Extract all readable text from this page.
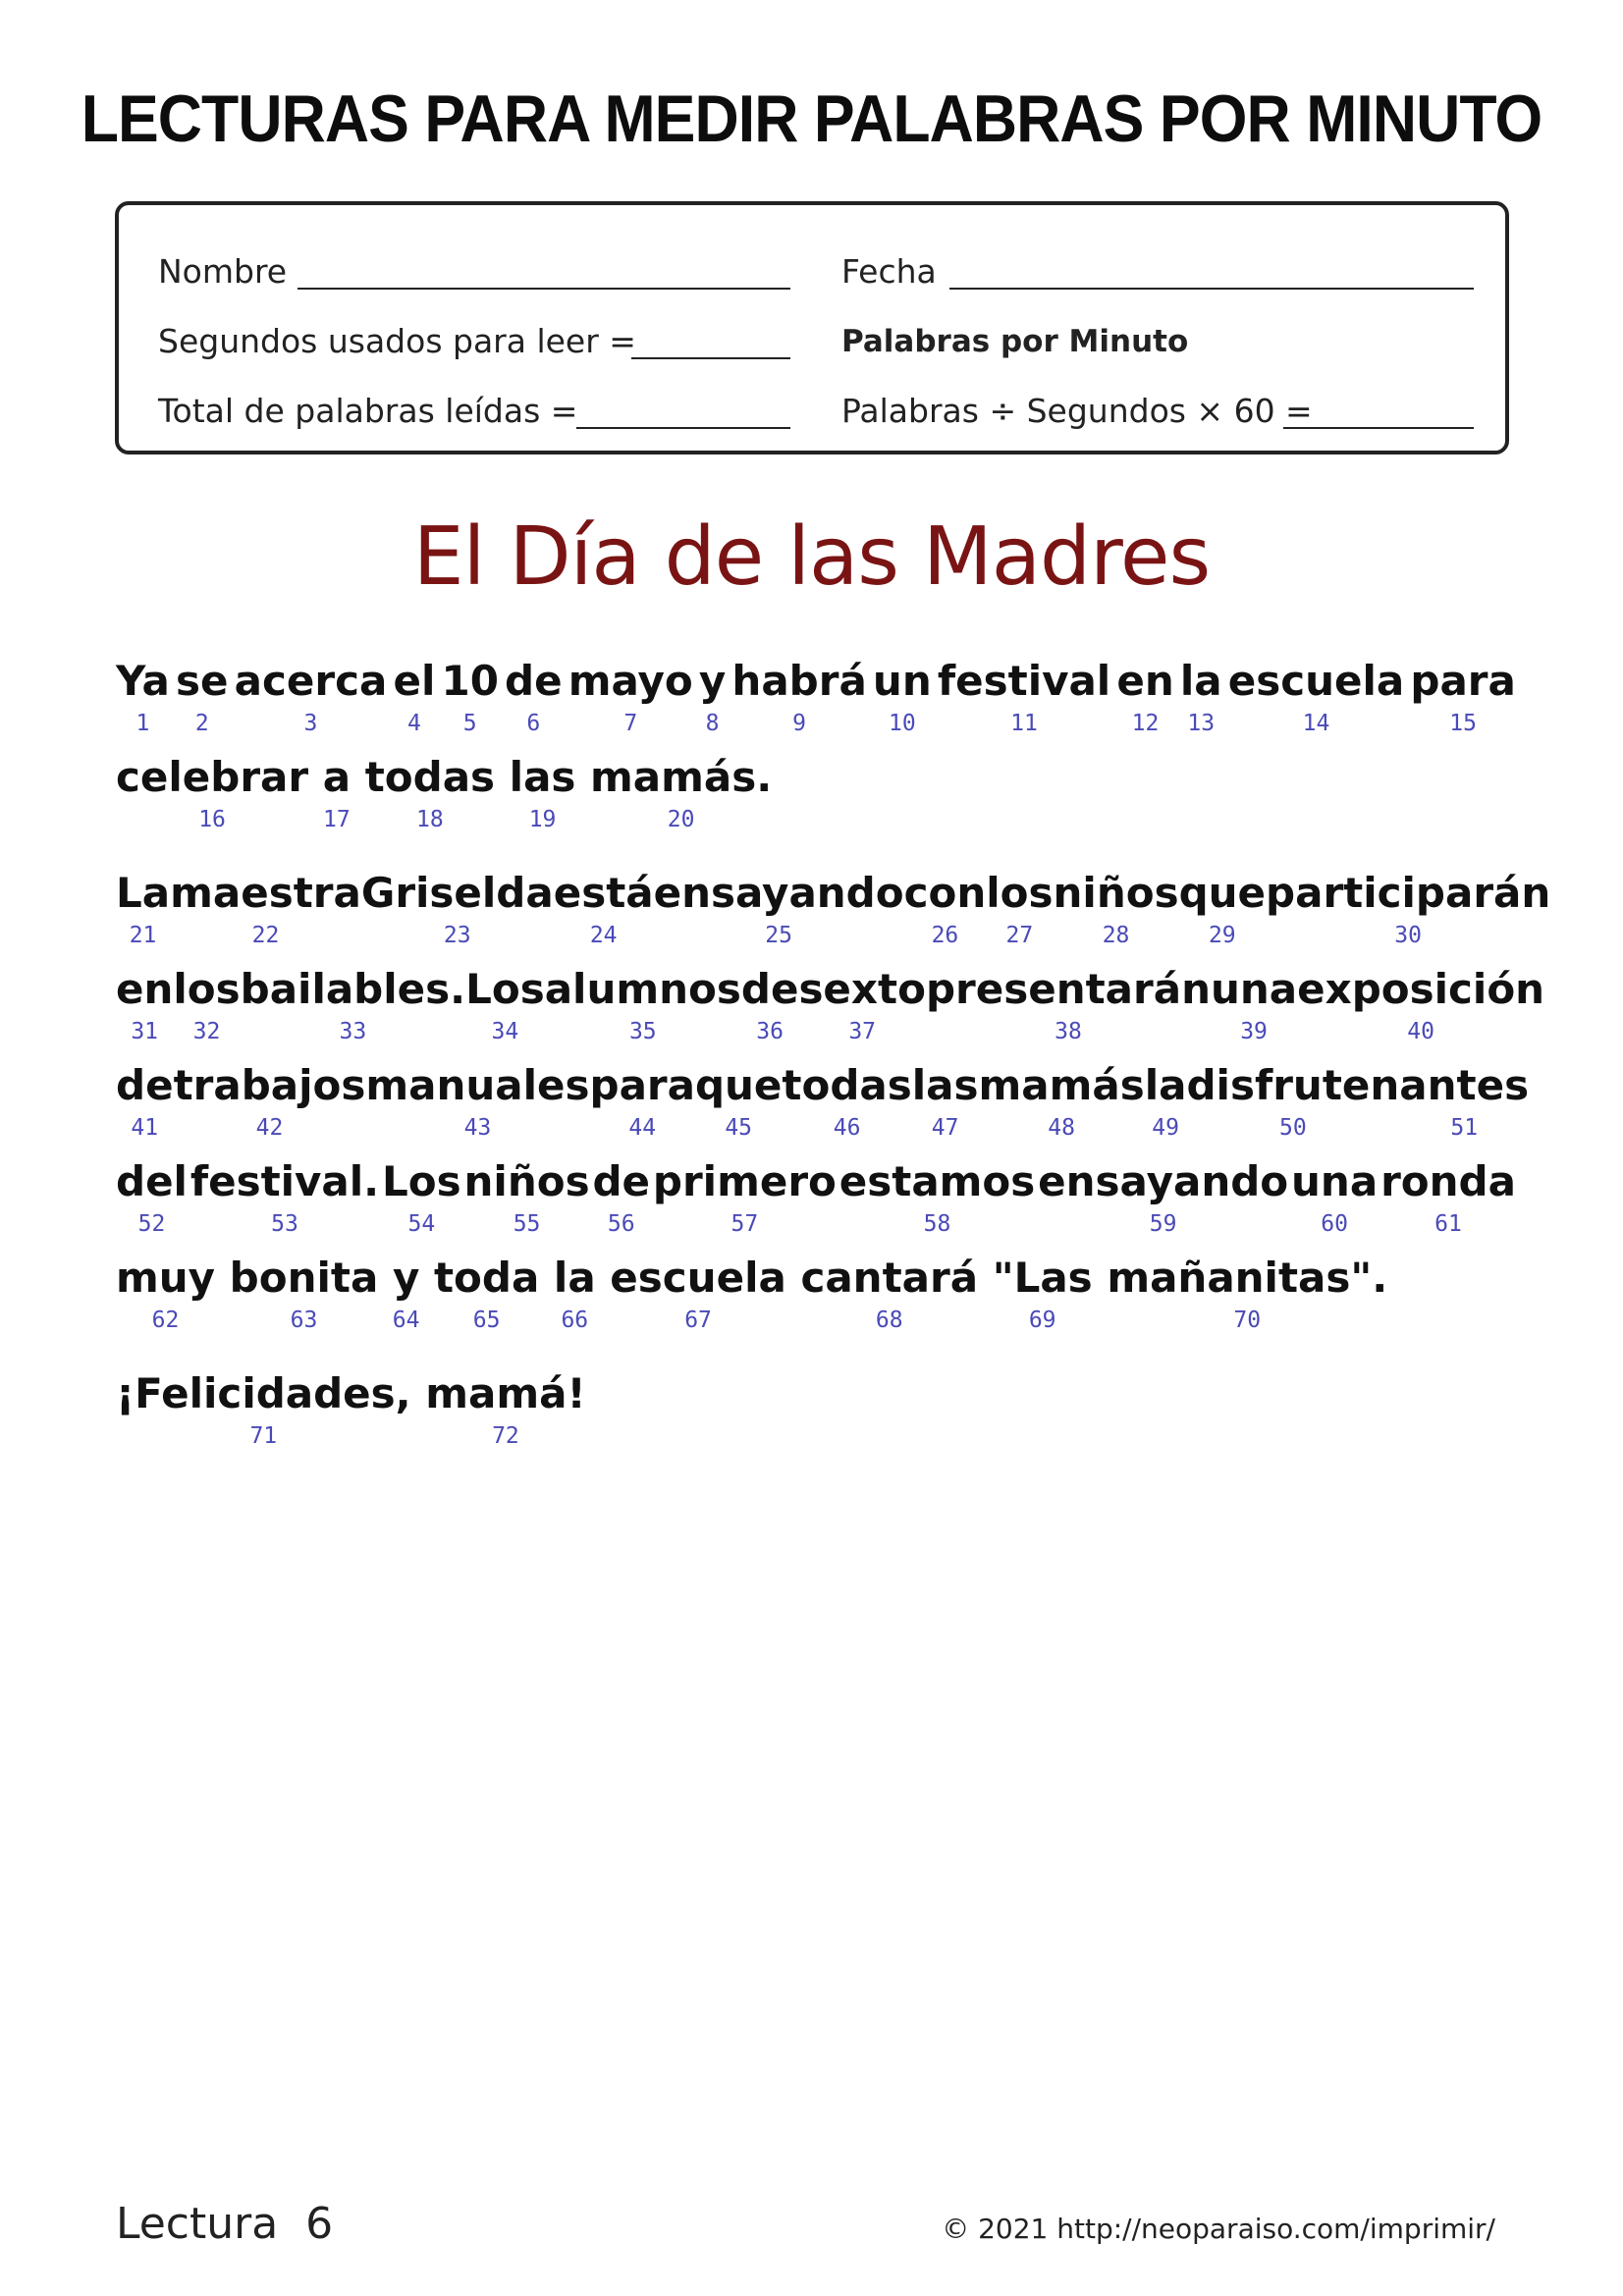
LECTURAS PARA MEDIR PALABRAS POR MINUTO
Nombre	Fecha
Segundos usados para leer =	Palabras por Minuto
Total de palabras leídas =	Palabras ÷ Segundos × 60 =
El Día de las Madres
Ya se acerca el 10 de mayo y habrá un festival en la escuela para
1 2	3	4 5 6	7	8	9	10	11	12 13	14	15
celebrar a todas las mamás.
16	17	18	19	20
La maestra Griselda está ensayando con los niños que participarán
21	22	23	24	25	26 27	28	29	30
en los bailables. Los alumnos de sexto presentarán una exposición
31 32	33	34	35	36	37	38	39	40
de trabajos manuales para que todas las mamás la disfruten antes
41	42	43	44	45	46	47	48	49	50	51
del festival. Los niños de primero estamos ensayando una ronda
52	53	54	55	56	57	58	59	60	61
muy bonita y toda la escuela cantará "Las mañanitas".
62	63	64 65	66	67	68	69	70
¡Felicidades, mamá!
71	72
Lectura  6	© 2021 http://neoparaiso.com/imprimir/
